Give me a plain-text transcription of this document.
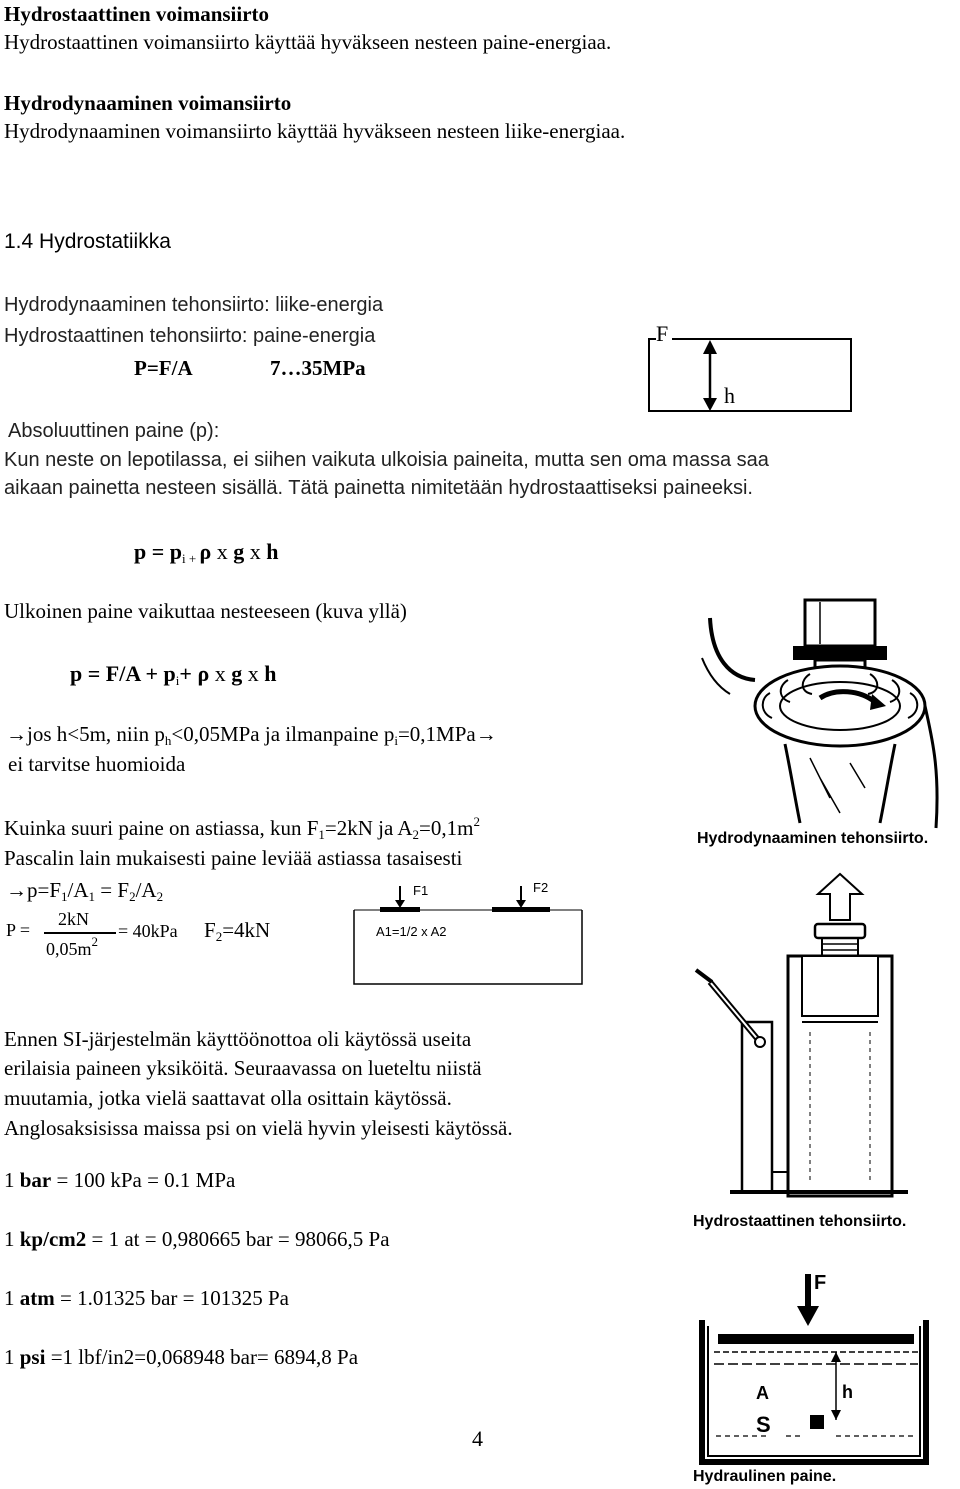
Hydrostaattinen voimansiirto
Hydrostaattinen voimansiirto käyttää hyväkseen nesteen paine-energiaa.
Hydrodynaaminen voimansiirto
Hydrodynaaminen voimansiirto käyttää hyväkseen nesteen liike-energiaa.
1.4 Hydrostatiikka
Hydrodynaaminen tehonsiirto: liike-energia
Hydrostaattinen tehonsiirto: paine-energia
P=F/A	7…35MPa
F
h
Absoluuttinen paine (p):
Kun neste on lepotilassa, ei siihen vaikuta ulkoisia paineita, mutta sen oma massa saa
aikaan painetta nesteen sisällä. Tätä painetta nimitetään hydrostaattiseksi paineeksi.
$p = p_{i +}$ ρ x g x h
Ulkoinen paine vaikuttaa nesteeseen (kuva yllä)
$p = F/A + p_i+ \rho$ x g x h
→jos h<5m, niin $p_h<0,05MPa$ ja ilmanpaine $p_i=0,1MPa\to$
ei tarvitse huomioida
Kuinka suuri paine on astiassa, kun $F_1=2kN$ ja $A_2=0,1m^2$
Pascalin lain mukaisesti paine leviää astiassa tasaisesti
$\to p=F_1/A_1 = F_2/A_2$
P =
2kN
$0,05m^2$
= 40kPa $F_2=4kN$
F1	F2
A1=1/2 x A2
Ennen SI-järjestelmän käyttöönottoa oli käytössä useita
erilaisia paineen yksiköitä. Seuraavassa on lueteltu niistä
muutamia, jotka vielä saattavat olla osittain käytössä.
Anglosaksisissa maissa psi on vielä hyvin yleisesti käytössä.
1 bar = 100 kPa = 0.1 MPa
1 kp/cm2 = 1 at = 0,980665 bar = 98066,5 Pa
1 atm = 1.01325 bar = 101325 Pa
1 psi =1 lbf/in2=0,068948 bar= 6894,8 Pa
4
Hydrodynaaminen tehonsiirto.
Hydrostaattinen tehonsiirto.
F
A	h
S
Hydraulinen paine.
